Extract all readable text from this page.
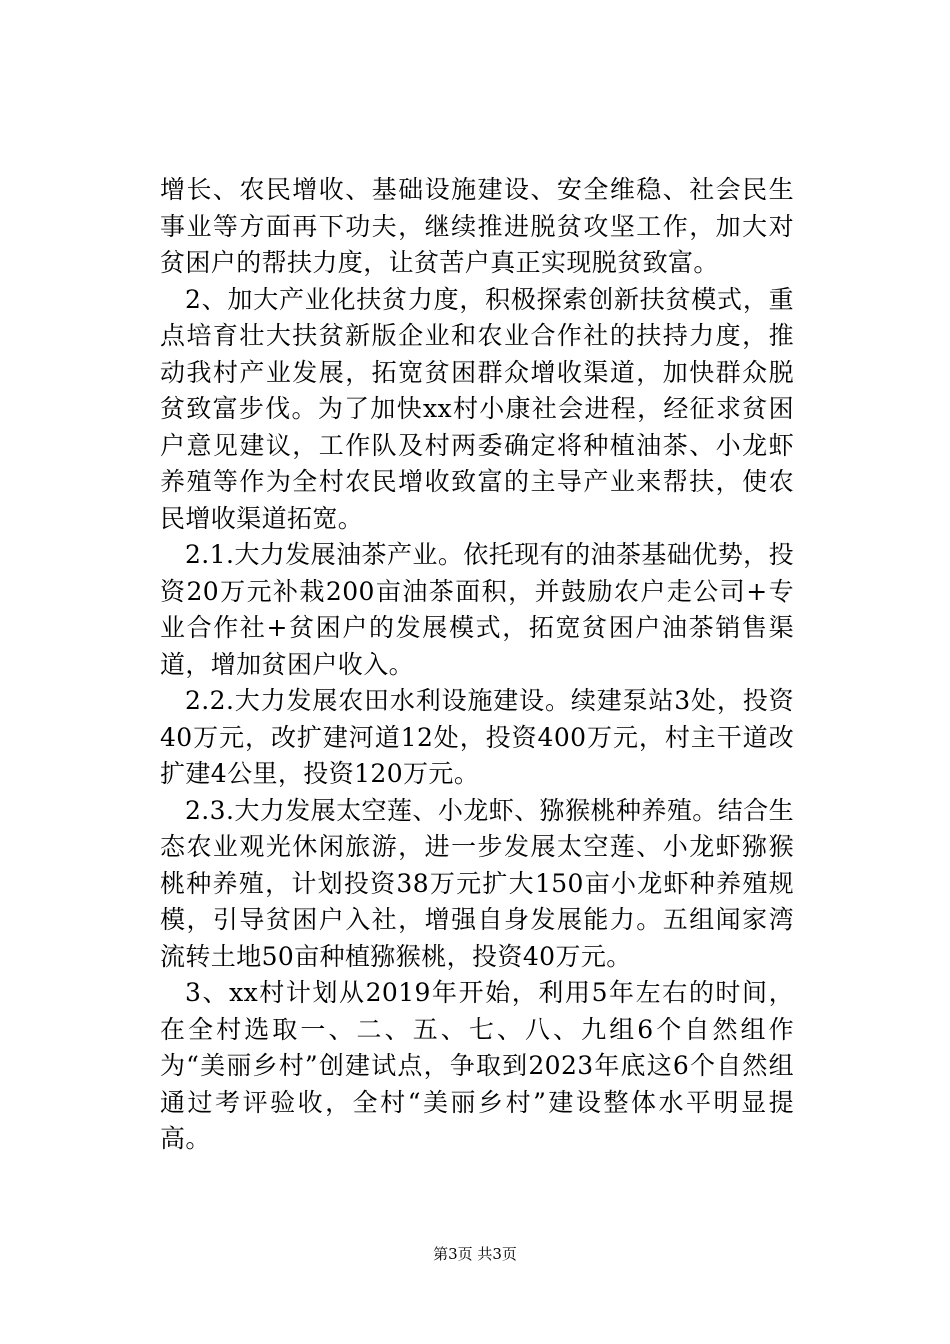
增长、农民增收、基础设施建设、安全维稳、社会民生事业等方面再下功夫，继续推进脱贫攻坚工作，加大对贫困户的帮扶力度，让贫苦户真正实现脱贫致富。

2、加大产业化扶贫力度，积极探索创新扶贫模式，重点培育壮大扶贫新版企业和农业合作社的扶持力度，推动我村产业发展，拓宽贫困群众增收渠道，加快群众脱贫致富步伐。为了加快xx村小康社会进程，经征求贫困户意见建议，工作队及村两委确定将种植油茶、小龙虾养殖等作为全村农民增收致富的主导产业来帮扶，使农民增收渠道拓宽。

2.1.大力发展油茶产业。依托现有的油茶基础优势，投资20万元补栽200亩油茶面积，并鼓励农户走公司+专业合作社+贫困户的发展模式，拓宽贫困户油茶销售渠道，增加贫困户收入。

2.2.大力发展农田水利设施建设。续建泵站3处，投资40万元，改扩建河道12处，投资400万元，村主干道改扩建4公里，投资120万元。

2.3.大力发展太空莲、小龙虾、猕猴桃种养殖。结合生态农业观光休闲旅游，进一步发展太空莲、小龙虾猕猴桃种养殖，计划投资38万元扩大150亩小龙虾种养殖规模，引导贫困户入社，增强自身发展能力。五组闻家湾流转土地50亩种植猕猴桃，投资40万元。

3、xx村计划从2019年开始，利用5年左右的时间，在全村选取一、二、五、七、八、九组6个自然组作为“美丽乡村”创建试点，争取到2023年底这6个自然组通过考评验收，全村“美丽乡村”建设整体水平明显提高。

第3页 共3页
